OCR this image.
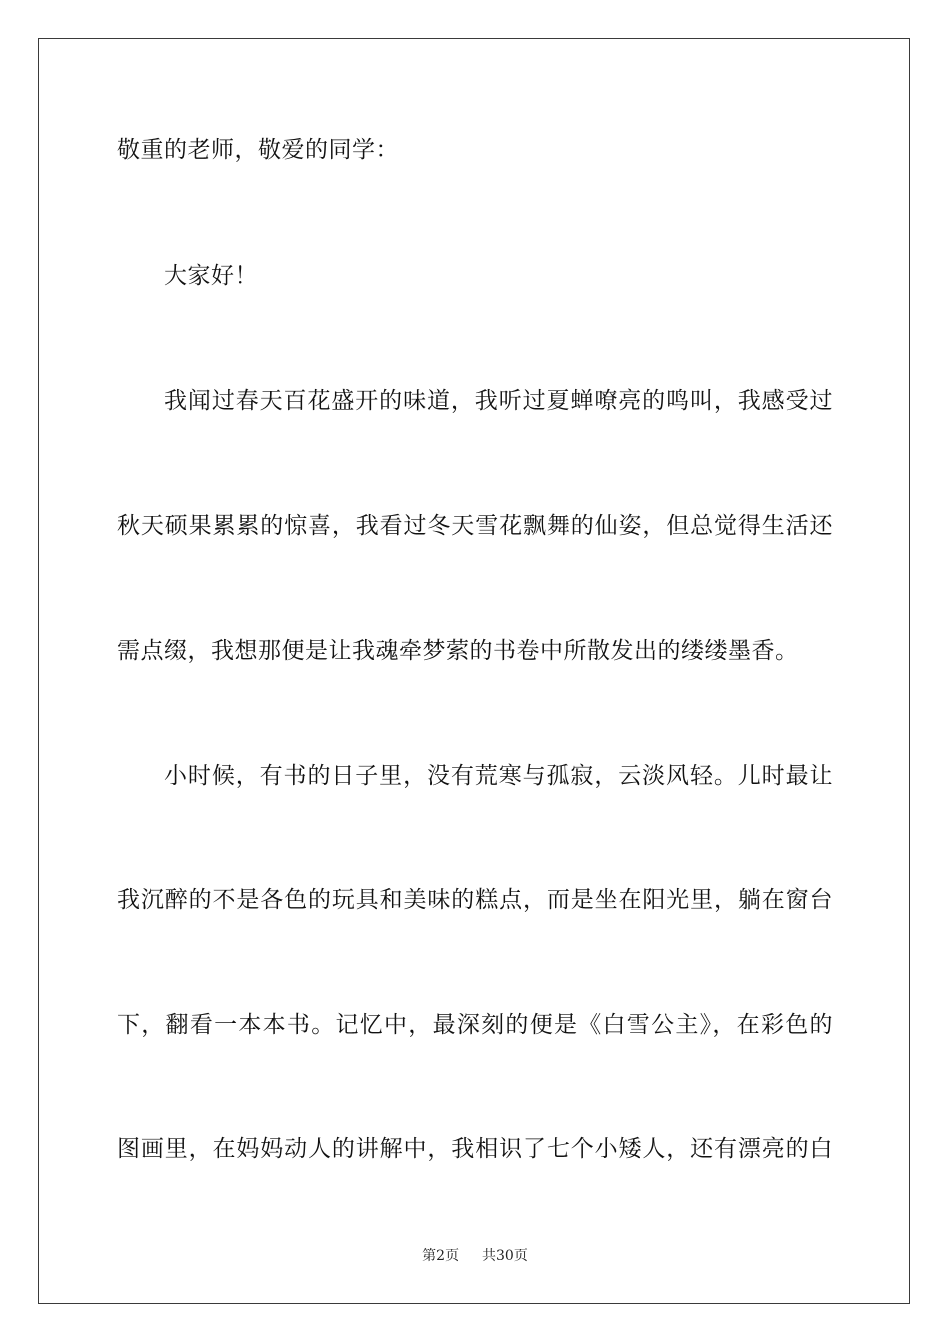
敬重的老师，敬爱的同学：
大家好！
我闻过春天百花盛开的味道，我听过夏蝉嘹亮的鸣叫，我感受过
秋天硕果累累的惊喜，我看过冬天雪花飘舞的仙姿，但总觉得生活还
需点缀，我想那便是让我魂牵梦萦的书卷中所散发出的缕缕墨香。
小时候，有书的日子里，没有荒寒与孤寂，云淡风轻。儿时最让
我沉醉的不是各色的玩具和美味的糕点，而是坐在阳光里，躺在窗台
下，翻看一本本书。记忆中，最深刻的便是《白雪公主》，在彩色的
图画里，在妈妈动人的讲解中，我相识了七个小矮人，还有漂亮的白
第2页 共30页
